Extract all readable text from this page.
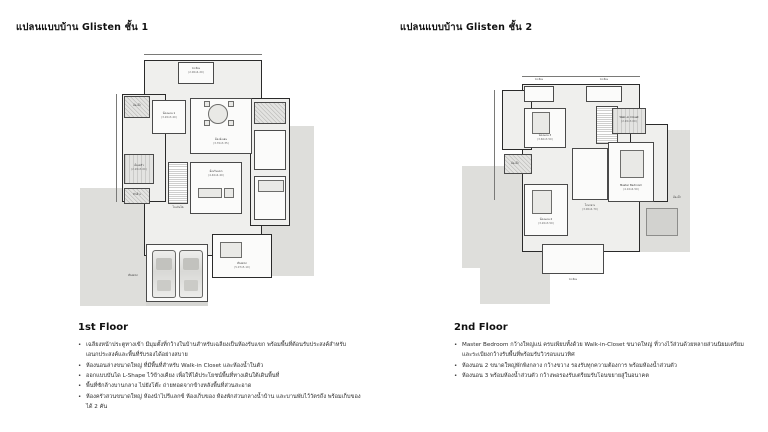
แปลนแบบบ้าน Glisten ชั้น 1
ระเบียง
(2.00x4.20)
ห้องนอน 1
(3.20x3.40)
ห้องน้ำ
ห้องครัว
(2.20x3.00)
ห้องนั่งเล่น
(3.70x3.35)
ห้องรับแขก
(4.40x4.40)
โถงบันได
ซักล้าง
ที่จอดรถ
(5.07x5.10)
ที่จอดรถ
1st Floor
• เฉลียงหน้าประตูทางเข้า มีมุมตั้งที่กว้างในบ้านสำหรับเฉลียงเป็นห้องรับแขก พร้อมพื้นที่ต้อนรับประสงค์สำหรับเอนกประสงค์และพื้นที่รับรองได้อย่างสบาย
• ห้องนอนล่างขนาดใหญ่ ที่มีพื้นที่สำหรับ Walk-in Closet และห้องน้ำในตัว
• ออกแบบบันได L-Shape ไว้ข้างเคียง เพื่อให้ได้ประโยชน์พื้นที่ทางเดินใต้เดินพื้นที่
• พื้นที่ซักล้างบานกลาง ไปยังโต๊ะ ถ่ายทอดจากข้างหลังพื้นที่ส่วนสะอาด
• ห้องครัวสวนขนาดใหญ่ ห้องนำไปรีแลกซ์ ห้องเก็บของ ห้องพักส่วนกลางน้ำบ้าน และบานพับไว้วัตรถึง พร้อมเก็บของได้ 2 คัน
แปลนแบบบ้าน Glisten ชั้น 2
ระเบียง	ระเบียง
ห้องนอน 3
(3.60x3.50)
ห้องน้ำ
ห้องนอน 2
(3.20x3.50)
โถงกลาง
(3.00x4.70)
Master Bedroom
(4.10x4.50)
Walk-in Closet
(2.20x3.00)
ระเบียง
ห้องน้ำ
2nd Floor
• Master Bedroom กว้างใหญ่แน่ ครบเพียบทั้งด้วย Walk-in-Closet ขนาดใหญ่ ที่วางไว้ส่วนด้วยหลายส่วนนิยมเตรียม และระเบียงกว้างรับพื้นที่พร้อมรับวิวรอบแนวทิศ
• ห้องนอน 2 ขนาดใหญ่พักพิงกลาง กว้างขวาง รองรับทุกความต้องการ พร้อมห้องน้ำส่วนตัว
• ห้องนอน 3 พร้อมห้องน้ำส่วนตัว กว้างพอรองรับเตรียมรับโอนขยายสู่ในอนาคต
